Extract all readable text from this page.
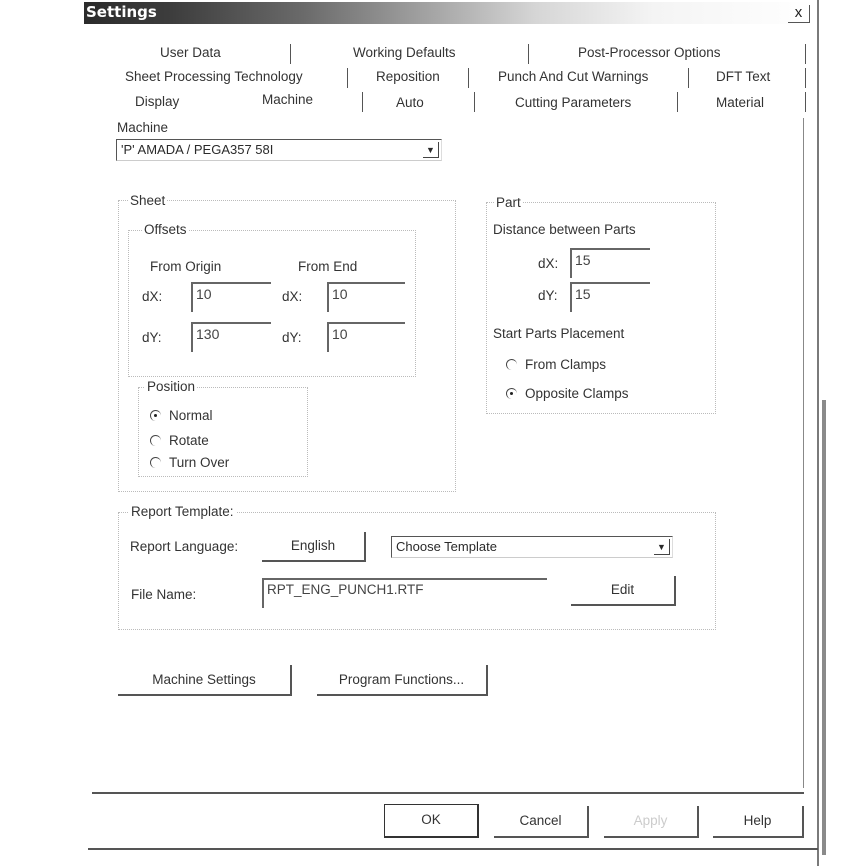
Settings	x
User Data	Working Defaults	Post-Processor Options
Sheet Processing Technology	Reposition	Punch And Cut Warnings	DFT Text
Display	Machine	Auto	Cutting Parameters	Material
Machine
'P' AMADA / PEGA357 58I	▼
Sheet
Offsets
From Origin	From End
dX:	10	dX:	10
dY:	130	dY:	10
Position
Normal
Rotate
Turn Over
Part
Distance between Parts
dX:	15
dY:	15
Start Parts Placement
From Clamps
Opposite Clamps
Report Template:
Report Language:	English	Choose Template	▼
File Name:	RPT_ENG_PUNCH1.RTF	Edit
Machine Settings	Program Functions...
OK	Cancel	Apply	Help
